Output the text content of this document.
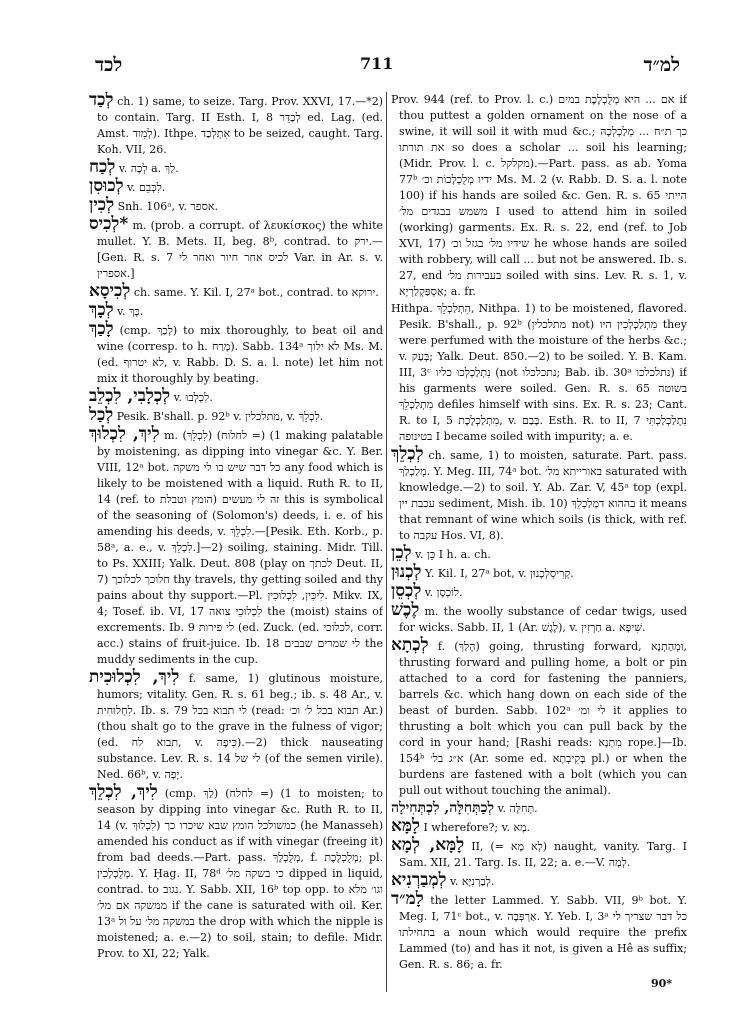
לכד	711	למ״ד

לְכַד ch. 1) same, to seize. Targ. Prov. XXVI, 17.—*2) to contain. Targ. II Esth. I, 8 לְכַדֵּר ed. Lag. (ed. Amst. לְמִוד). Ithpe. אִתְלְכַד to be seized, caught. Targ. Koh. VII, 26.

לְכַח v. לְכָה a. לַךְ.

לְכוּסִן v. לִכְּבֵם.

לְכִין Snh. 106ᵃ, v. אספר.

*לְכִיס m. (prob. a corrupt. of λευκίσκος) the white mullet. Y. B. Mets. II, beg. 8ᵇ, contrad. to ירק.—[Gen. R. s. 7 לכיס אחר חיור ואחר לי Var. in Ar. s. v. אספרין.]

לְכִיסָא ch. same. Y. Kil. I, 27ᵃ bot., contrad. to ירוקא.

לְכָךְ v. כָּךְ.

לָכַךְ (cmp. לָכַךְ) to mix thoroughly, to beat oil and wine (corresp. to h. מָרַח). Sabb. 134ᵃ לא ילוך Ms. M. (ed. לא יטרוף, v. Rabb. D. S. a. l. note) let him not mix it thoroughly by beating.

לְכְלָבִי, לִכְלֵב v. לִכְלְבוּ.

לְכַל Pesik. B'shall. p. 92ᵇ v. מתלכלין, v. לִכְלֵךְ.

לִיךְ, לִכְלוּךְ m. (לִכְלֵךְ) 1) (= לחלוח) making palatable by moistening, as dipping into vinegar &c. Y. Ber. VIII, 12ᵃ bot. כל דבר שיש בו לי משקה any food which is likely to be moistened with a liquid. Ruth R. to II, 14 (ref. to הומץ וטבלת) זה לי מעשים this is symbolical of the seasoning of (Solomon's) deeds, i. e. of his amending his deeds, v. לִכְלֵךְ.—[Pesik. Eth. Korb., p. 58ᵃ, a. e., v. לִכְלֵךְ.]—2) soiling, staining. Midr. Till. to Ps. XXIII; Yalk. Deut. 808 (play on לכתך Deut. II, 7) חלוכך לכלוכך thy travels, thy getting soiled and thy pains about thy support.—Pl. לִיכִּין, לִכְלוּכִין. Mikv. IX, 4; Tosef. ib. VI, 17 לִכְלוּכֵי צואה the (moist) stains of excrements. Ib. 9 לי פירות (ed. Zuck. (ed. לכלוכי, corr. acc.) stains of fruit-juice. Ib. 18 לי שמרים שבבים the muddy sediments in the cup.

לִיךְ, לִכְלוּכִית f. same, 1) glutinous moisture, humors; vitality. Gen. R. s. 61 beg.; ib. s. 48 Ar., v. לִחְלוּחִית. Ib. s. 79 לי תבוא בכל (read: תבוא בכל ל׳ וכ׳ Ar.) (thou shalt go to the grave in the fulness of vigor; (ed. תבוא לח, v. כִּיפָה).—2) thick nauseating substance. Lev. R. s. 14 לי של (of the semen virile). Ned. 66ᵇ, v. יָפָה.

לִיךְ, לִכְלֵךְ (cmp. לַךְ) 1) (= לחלח) to moisten; to season by dipping into vinegar &c. Ruth R. to II, 14 (v. לִכְלוּךְ) כמשולכל הומץ שבא שיכרו כך (he Manasseh) amended his conduct as if with vinegar (freeing it) from bad deeds.—Part. pass. מְלֻכְלָךְ, f. מְלֻכְלֶכֶת; pl. מְלֻכְלָכִין. Y. Ḥag. II, 78ᵈ כי בשקה מל׳ dipped in liquid, contrad. to נגוב. Y. Sabb. XII, 16ᵇ top opp. to וגו׳ מלא ממשקה אם מל׳ if the cane is saturated with oil. Ker. 13ᵃ במשקה מל׳ על ול the drop with which the nipple is moistened; a. e.—2) to soil, stain; to defile. Midr. Prov. to XI, 22; Yalk.

Prov. 944 (ref. to Prov. l. c.) אם ... היא מְלֻכְלֶכֶת במים if thou puttest a golden ornament on the nose of a swine, it will soil it with mud &c.; כך ת״ח ... מְלַכְלְכָהּ את תורתו so does a scholar ... soil his learning; (Midr. Prov. l. c. מקלקל).—Part. pass. as ab. Yoma 77ᵇ ידיו מְלֻכְלָכוֹת וכ׳ Ms. M. 2 (v. Rabb. D. S. a. l. note 100) if his hands are soiled &c. Gen. R. s. 65 הייתי משמש בבגדים מל׳ I used to attend him in soiled (working) garments. Ex. R. s. 22, end (ref. to Job XVI, 17) שידיו מל׳ בגזל וכ׳ he whose hands are soiled with robbery, will call ... but not be answered. Ib. s. 27, end בעבירות מל׳ soiled with sins. Lev. R. s. 1, v. אַסְפַּקְלַרְיָא; a. fr.

Hithpa. הִתְלַכְלֵךְ, Nithpa. 1) to be moistened, flavored. Pesik. B'shall., p. 92ᵇ (מתלכלין not) מִתְלַכְלְכִין היו they were perfumed with the moisture of the herbs &c.; v. בְּעַק; Yalk. Deut. 850.—2) to be soiled. Y. B. Kam. III, 3ᶜ נִתְלַכְלְכוּ כליו (not נתכלכלו; Bab. ib. 30ᵃ נתלכלכו) if his garments were soiled. Gen. R. s. 65 בשוטה מִתְלַכְלֵךְ defiles himself with sins. Ex. R. s. 23; Cant. R. to I, 5 מִתְלַכְלֶכֶת, v. בָּבַם. Esth. R. to II, 7 נִתְלַכְלַכְתִּי בטינופה I became soiled with impurity; a. e.

לְכְלֵךְ ch. same, 1) to moisten, saturate. Part. pass. מְלַכְלַךְ. Y. Meg. III, 74ᵃ bot. באורייתא מל׳ saturated with knowledge.—2) to soil. Y. Ab. Zar. V, 45ᵃ top (expl. עכבת יין sediment, Mish. ib. 10) בההוא דמְלַכְלֵךְ it means that remnant of wine which soils (is thick, with ref. to עקבה Hos. VI, 8).

לְכֵן v. כֵּן I h. a. ch.

לְכְנוּן Y. Kil. I, 27ᵃ bot, v. קְרִיסְלְכָנוּן.

לְכְסֵן v. לוֹכְסָן.

לֶכֶשׁ m. the woolly substance of cedar twigs, used for wicks. Sabb. II, 1 (Ar. לֶגֶשׁ), v. חַרְזִין a. שִׁיפָּא.

לְכְתָא f. (הָלַךְ) going, thrusting forward, וּמְהַתְנָא, thrusting forward and pulling home, a bolt or pin attached to a cord for fastening the panniers, barrels &c. which hang down on each side of the beast of burden. Sabb. 102ᵃ לי ומ׳ it applies to thrusting a bolt which you can pull back by the cord in your hand; [Rashi reads: מִתְנָא rope.]—Ib. 154ᵇ א״ג בל׳ (Ar. some ed. בְּקִיבְתָא pl.) or when the burdens are fastened with a bolt (which you can pull out without touching the animal).

לְכַתְּחִלָּה, לִכְתְּחִילָה v. תְּחִלָּה.

לָמָּא I wherefore?; v. מָא.

לָמָּא, לְמָא II, (= לָא מָא) naught, vanity. Targ. I Sam. XII, 21. Targ. Is. II, 22; a. e.—V. לְמָה.

לְמְבַרְנִיא v. לְבַרְנִיָּא.

לָמ״ד the letter Lammed. Y. Sabb. VII, 9ᵇ bot. Y. Meg. I, 71ᶜ bot., v. אַרְפְּבָה. Y. Yeb. I, 3ᵃ כל דבר שצריך לי בתחילתו a noun which would require the prefix Lammed (to) and has it not, is given a Hê as suffix; Gen. R. s. 86; a. fr.

90*
